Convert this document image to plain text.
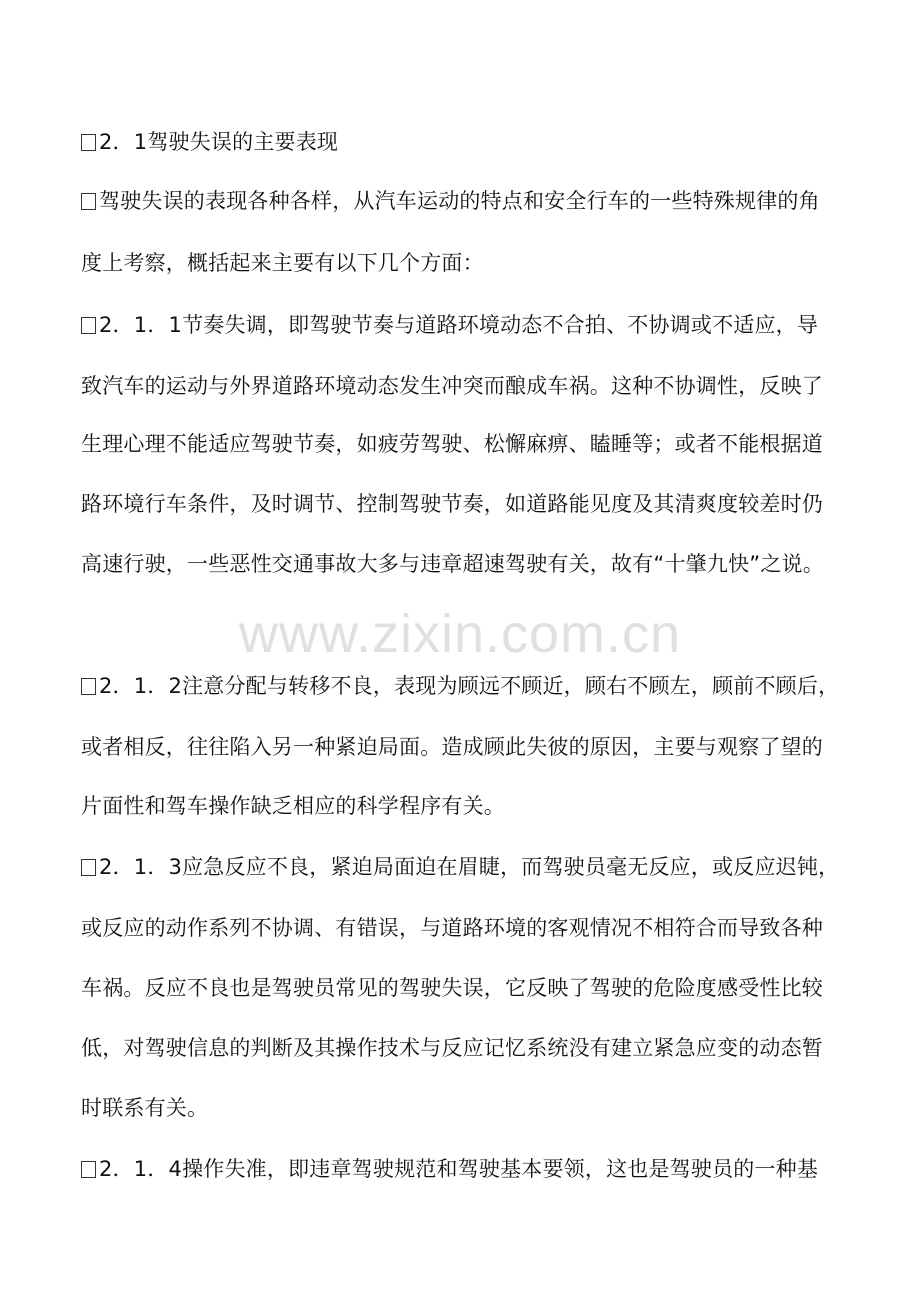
www.zixin.com.cn
2．1驾驶失误的主要表现
驾驶失误的表现各种各样，从汽车运动的特点和安全行车的一些特殊规律的角
度上考察，概括起来主要有以下几个方面：
2．1．1节奏失调，即驾驶节奏与道路环境动态不合拍、不协调或不适应，导
致汽车的运动与外界道路环境动态发生冲突而酿成车祸。这种不协调性，反映了
生理心理不能适应驾驶节奏，如疲劳驾驶、松懈麻痹、瞌睡等；或者不能根据道
路环境行车条件，及时调节、控制驾驶节奏，如道路能见度及其清爽度较差时仍
高速行驶，一些恶性交通事故大多与违章超速驾驶有关，故有“十肇九快”之说。
2．1．2注意分配与转移不良，表现为顾远不顾近，顾右不顾左，顾前不顾后，
或者相反，往往陷入另一种紧迫局面。造成顾此失彼的原因，主要与观察了望的
片面性和驾车操作缺乏相应的科学程序有关。
2．1．3应急反应不良，紧迫局面迫在眉睫，而驾驶员毫无反应，或反应迟钝，
或反应的动作系列不协调、有错误，与道路环境的客观情况不相符合而导致各种
车祸。反应不良也是驾驶员常见的驾驶失误，它反映了驾驶的危险度感受性比较
低，对驾驶信息的判断及其操作技术与反应记忆系统没有建立紧急应变的动态暂
时联系有关。
2．1．4操作失准，即违章驾驶规范和驾驶基本要领，这也是驾驶员的一种基
